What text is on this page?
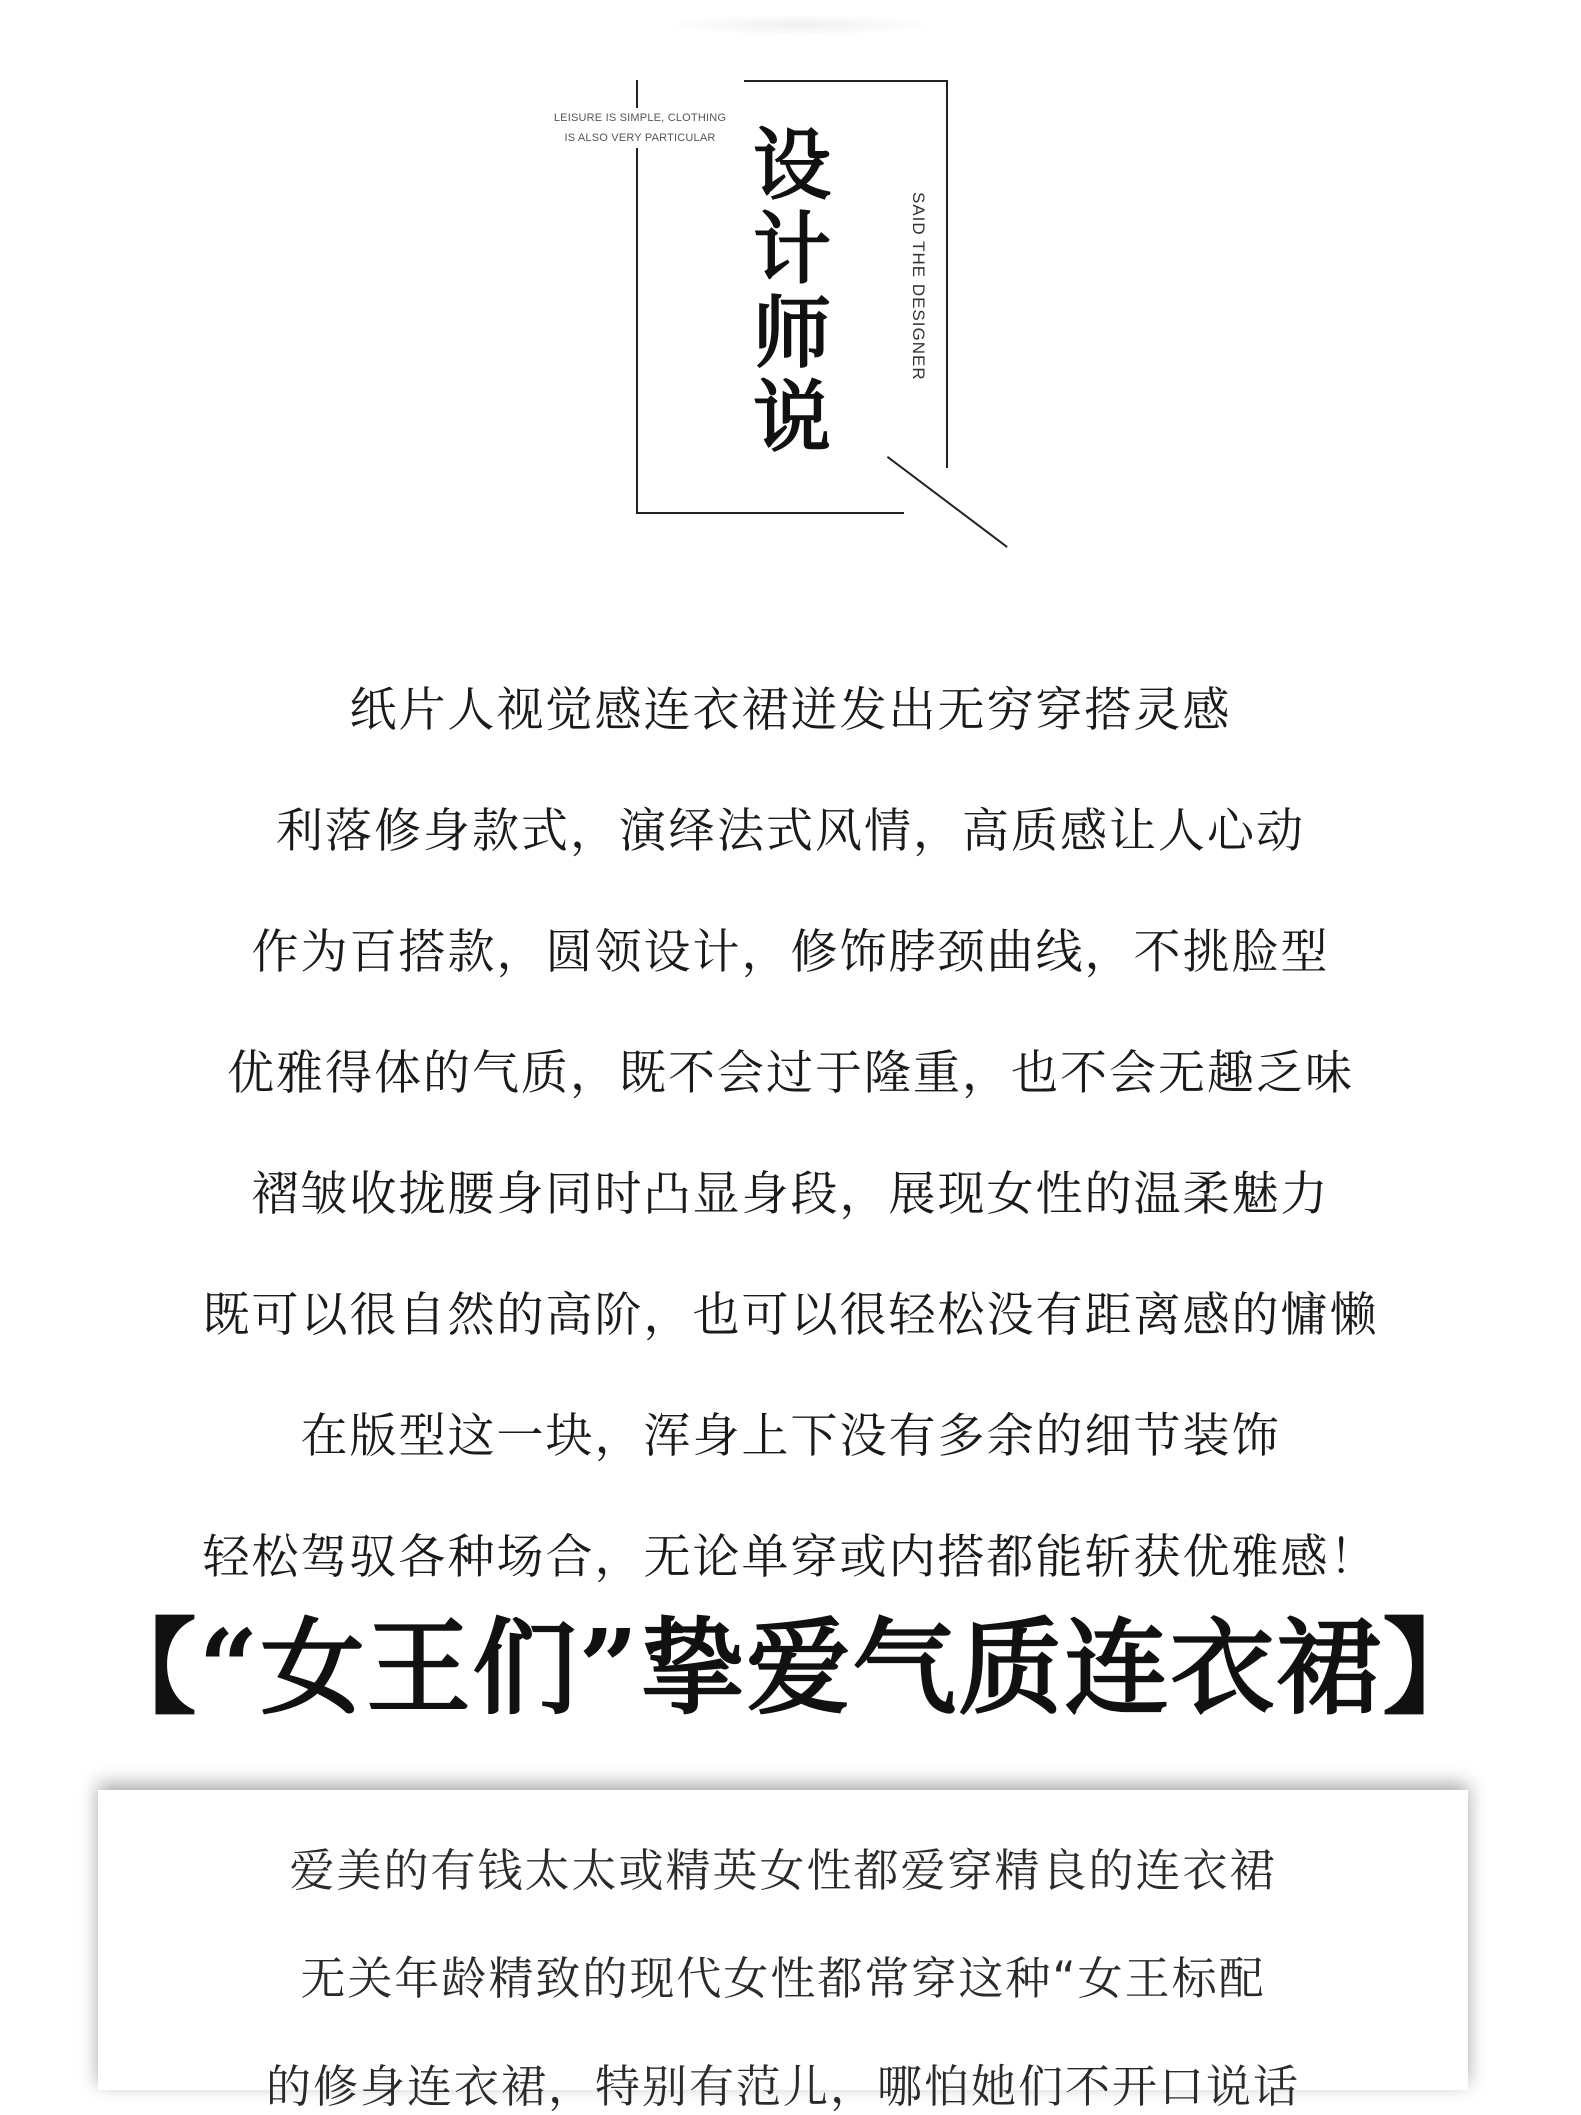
LEISURE IS SIMPLE, CLOTHING
IS ALSO VERY PARTICULAR 设
计
师
说
SAID THE DESIGNER
纸片人视觉感连衣裙迸发出无穷穿搭灵感
利落修身款式，演绎法式风情，高质感让人心动
作为百搭款，圆领设计，修饰脖颈曲线，不挑脸型
优雅得体的气质，既不会过于隆重，也不会无趣乏味
褶皱收拢腰身同时凸显身段，展现女性的温柔魅力
既可以很自然的高阶，也可以很轻松没有距离感的慵懒
在版型这一块，浑身上下没有多余的细节装饰
轻松驾驭各种场合，无论单穿或内搭都能斩获优雅感！
【“女王们”挚爱气质连衣裙】
爱美的有钱太太或精英女性都爱穿精良的连衣裙
无关年龄精致的现代女性都常穿这种“女王标配
的修身连衣裙，特别有范儿，哪怕她们不开口说话
